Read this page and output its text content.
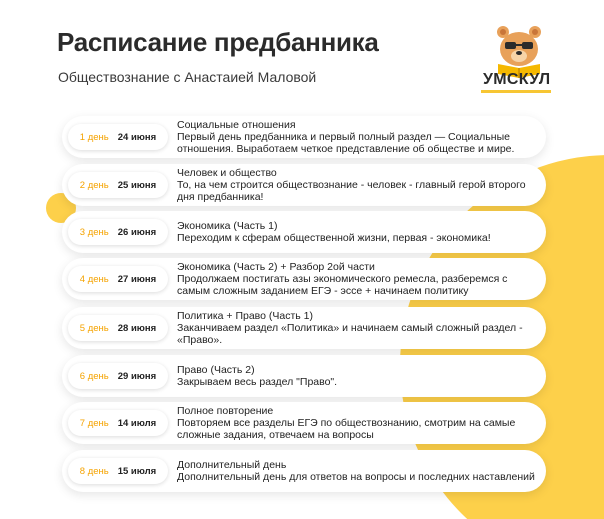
Расписание предбанника
Обществознание с Анастаией Маловой	УМСКУЛ
1 день 24 июня
Социальные отношения
Первый день предбанника и первый полный раздел — Социальные отношения. Выработаем четкое представление об обществе и мире.
2 день 25 июня
Человек и общество
То, на чем строится обществознание - человек - главный герой второго дня предбанника!
3 день 26 июня Экономика (Часть 1)
Переходим к сферам общественной жизни, первая - экономика!
4 день 27 июня
Экономика (Часть 2) + Разбор 2ой части
Продолжаем постигать азы экономического ремесла, разберемся с самым сложным заданием ЕГЭ - эссе + начинаем политику
5 день 28 июня
Политика + Право (Часть 1)
Заканчиваем раздел «Политика» и начинаем самый сложный раздел - «Право».
6 день 29 июня Право (Часть 2)
Закрываем весь раздел "Право".
7 день 14 июля
Полное повторение
Повторяем все разделы ЕГЭ по обществознанию, смотрим на самые сложные задания, отвечаем на вопросы
8 день 15 июля Дополнительный день
Дополнительный день для ответов на вопросы и последних наставлений
